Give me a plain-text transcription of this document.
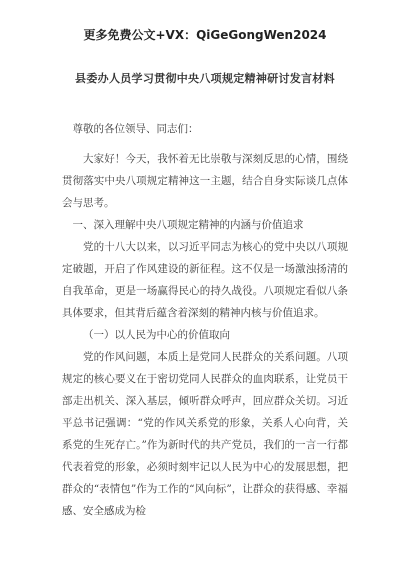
更多免费公文+VX：QiGeGongWen2024
县委办人员学习贯彻中央八项规定精神研讨发言材料

尊敬的各位领导、同志们：

大家好！今天，我怀着无比崇敬与深刻反思的心情，围绕贯彻落实中央八项规定精神这一主题，结合自身实际谈几点体会与思考。

一、深入理解中央八项规定精神的内涵与价值追求

党的十八大以来，以习近平同志为核心的党中央以八项规定破题，开启了作风建设的新征程。这不仅是一场激浊扬清的自我革命，更是一场赢得民心的持久战役。八项规定看似八条具体要求，但其背后蕴含着深刻的精神内核与价值追求。

（一）以人民为中心的价值取向

党的作风问题，本质上是党同人民群众的关系问题。八项规定的核心要义在于密切党同人民群众的血肉联系，让党员干部走出机关、深入基层，倾听群众呼声，回应群众关切。习近平总书记强调：“党的作风关系党的形象，关系人心向背，关系党的生死存亡。”作为新时代的共产党员，我们的一言一行都代表着党的形象，必须时刻牢记以人民为中心的发展思想，把群众的“表情包”作为工作的“风向标”，让群众的获得感、幸福感、安全感成为检
